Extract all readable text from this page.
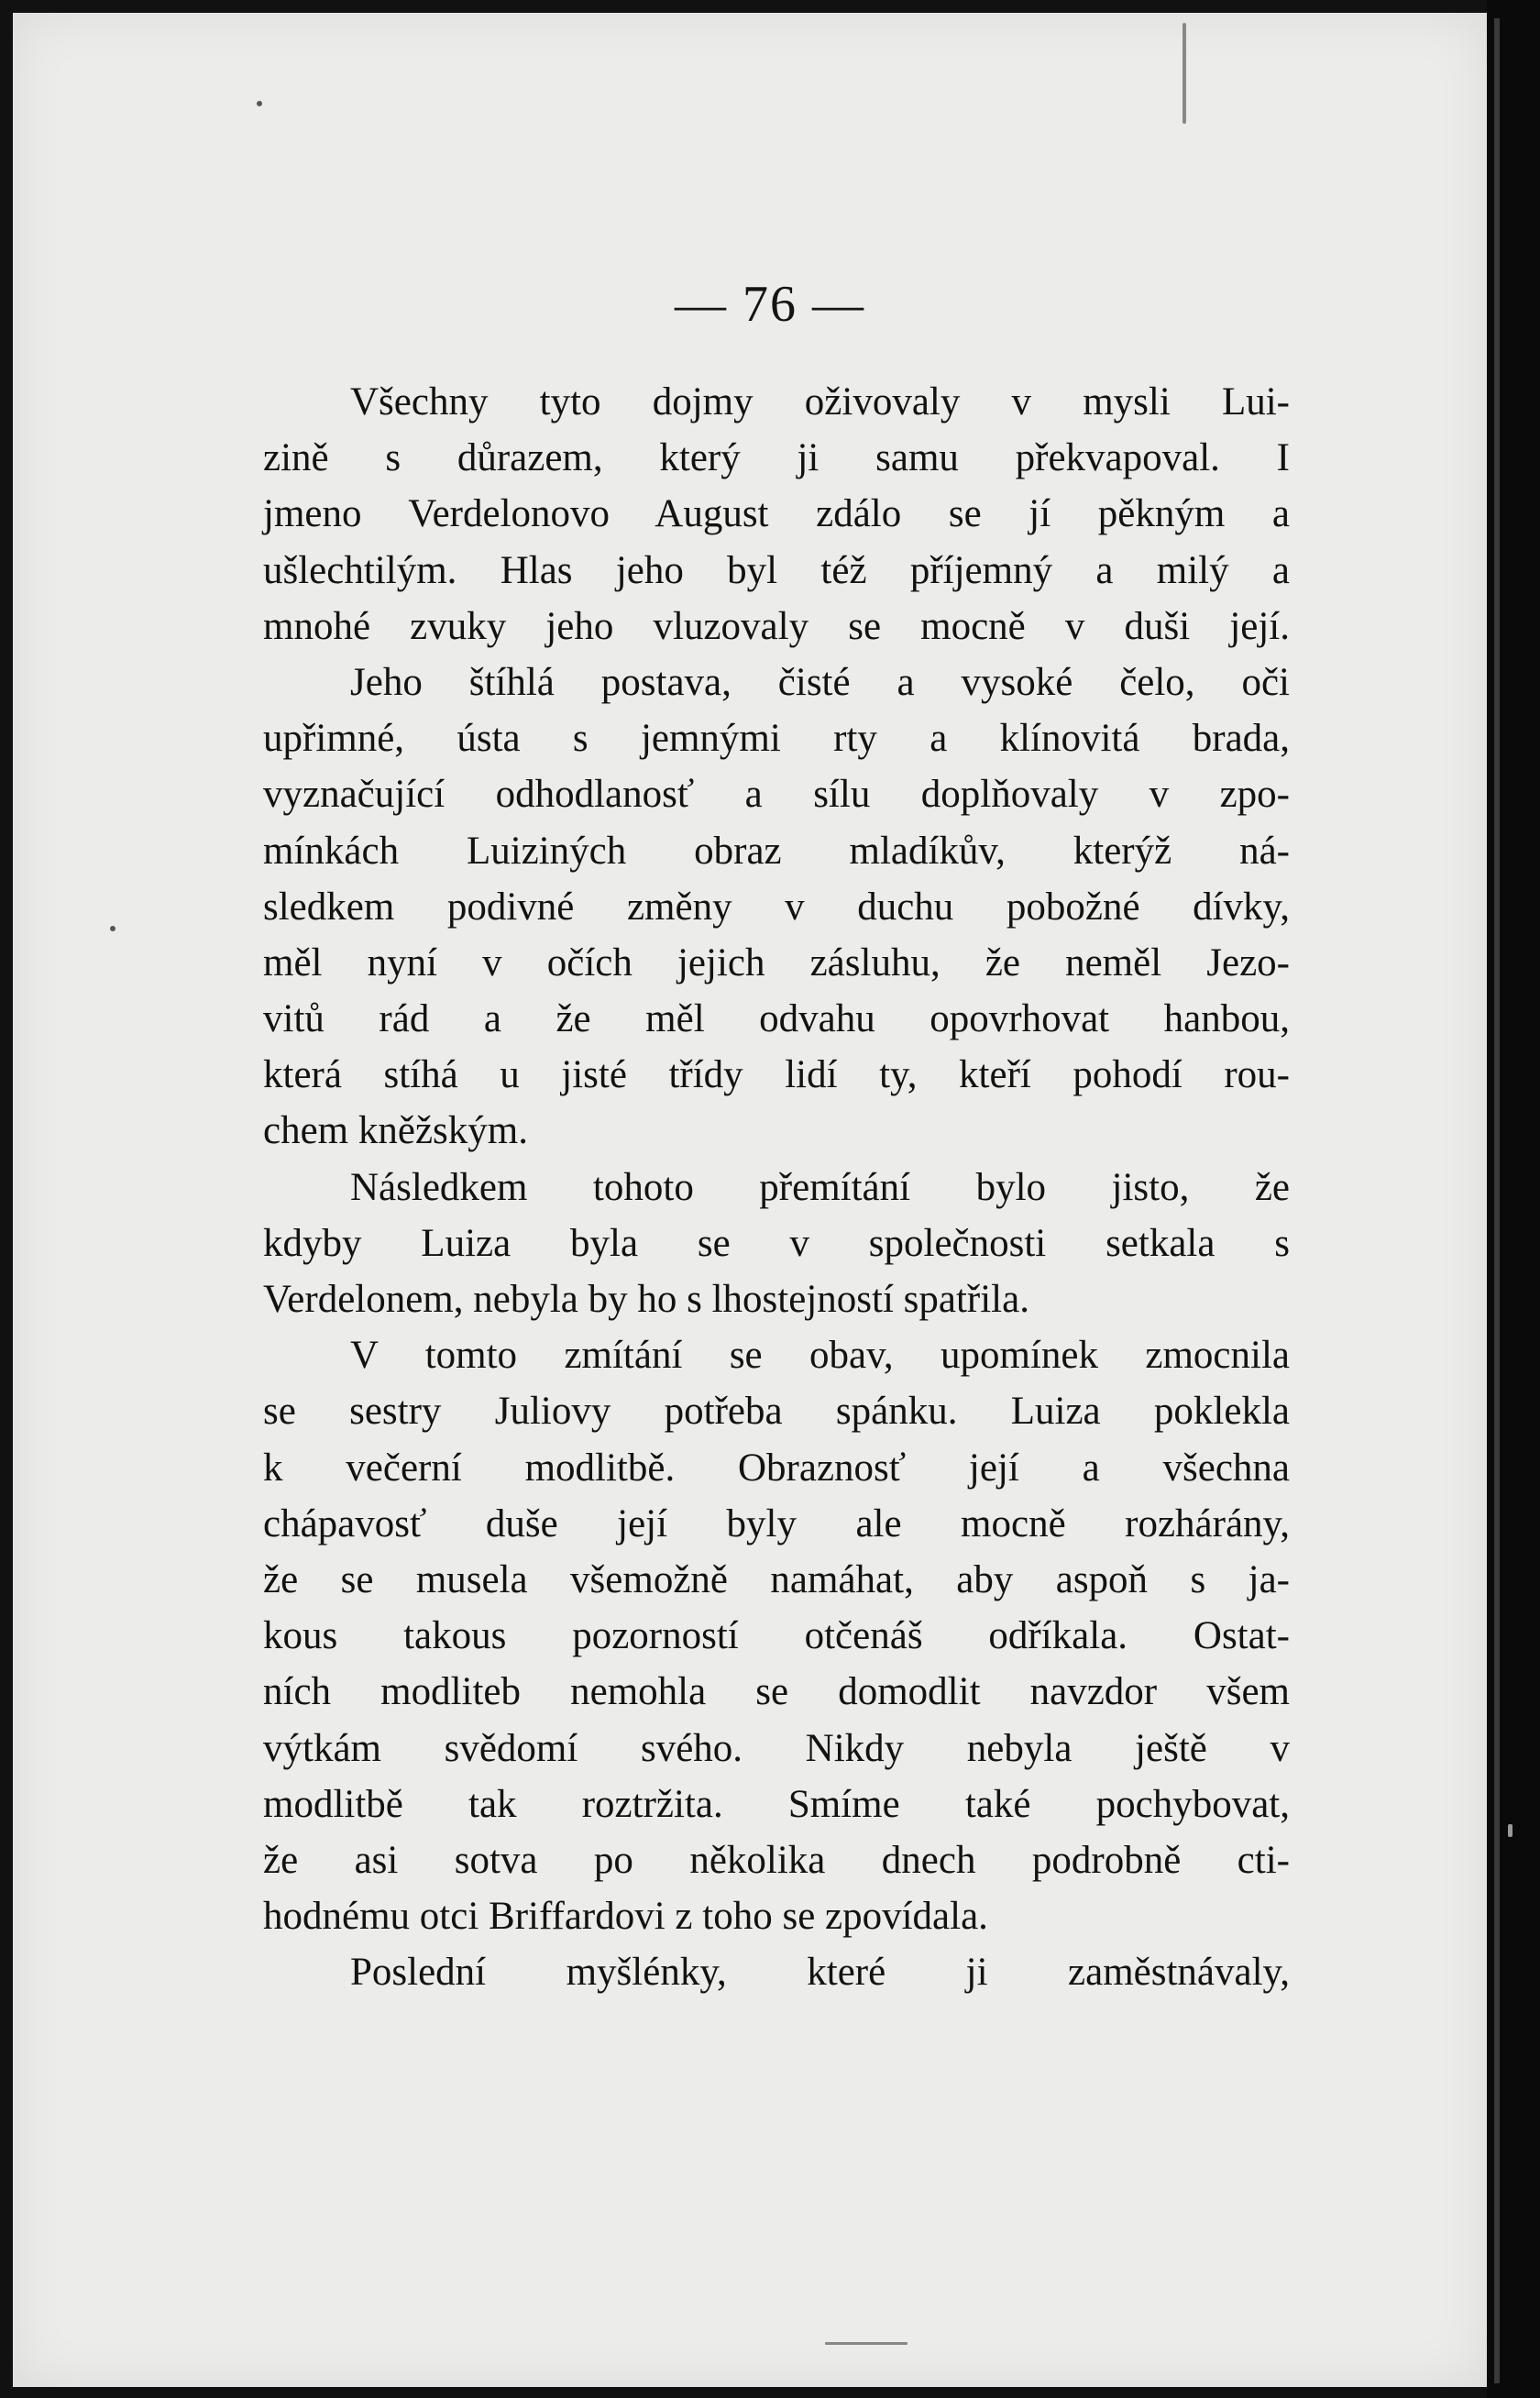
— 76 —
Všechny tyto dojmy oživovaly v mysli Lui-
zině s důrazem, který ji samu překvapoval. I
jmeno Verdelonovo August zdálo se jí pěkným a
ušlechtilým. Hlas jeho byl též příjemný a milý a
mnohé zvuky jeho vluzovaly se mocně v duši její.
Jeho štíhlá postava, čisté a vysoké čelo, oči
upřimné, ústa s jemnými rty a klínovitá brada,
vyznačující odhodlanosť a sílu doplňovaly v zpo-
mínkách Luiziných obraz mladíkův, kterýž ná-
sledkem podivné změny v duchu pobožné dívky,
měl nyní v očích jejich zásluhu, že neměl Jezo-
vitů rád a že měl odvahu opovrhovat hanbou,
která stíhá u jisté třídy lidí ty, kteří pohodí rou-
chem kněžským.
Následkem tohoto přemítání bylo jisto, že
kdyby Luiza byla se v společnosti setkala s
Verdelonem, nebyla by ho s lhostejností spatřila.
V tomto zmítání se obav, upomínek zmocnila
se sestry Juliovy potřeba spánku. Luiza poklekla
k večerní modlitbě. Obraznosť její a všechna
chápavosť duše její byly ale mocně rozhárány,
že se musela všemožně namáhat, aby aspoň s ja-
kous takous pozorností otčenáš odříkala. Ostat-
ních modliteb nemohla se domodlit navzdor všem
výtkám svědomí svého. Nikdy nebyla ještě v
modlitbě tak roztržita. Smíme také pochybovat,
že asi sotva po několika dnech podrobně cti-
hodnému otci Briffardovi z toho se zpovídala.
Poslední myšlénky, které ji zaměstnávaly,
